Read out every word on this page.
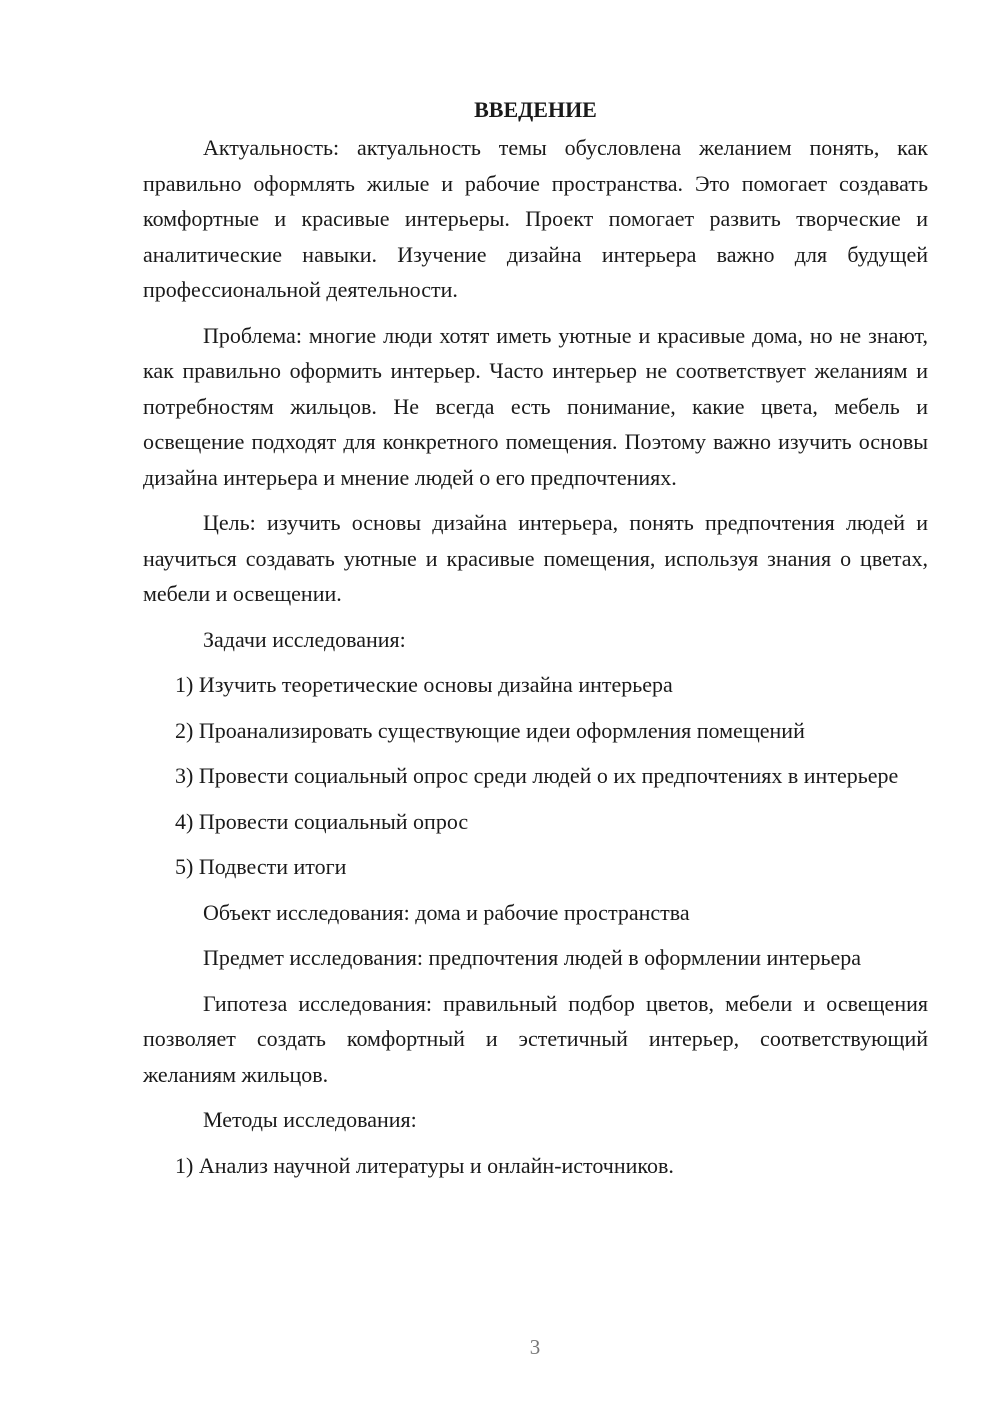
ВВЕДЕНИЕ

Актуальность: актуальность темы обусловлена желанием понять, как правильно оформлять жилые и рабочие пространства. Это помогает создавать комфортные и красивые интерьеры. Проект помогает развить творческие и аналитические навыки. Изучение дизайна интерьера важно для будущей профессиональной деятельности.

Проблема: многие люди хотят иметь уютные и красивые дома, но не знают, как правильно оформить интерьер. Часто интерьер не соответствует желаниям и потребностям жильцов. Не всегда есть понимание, какие цвета, мебель и освещение подходят для конкретного помещения. Поэтому важно изучить основы дизайна интерьера и мнение людей о его предпочтениях.

Цель: изучить основы дизайна интерьера, понять предпочтения людей и научиться создавать уютные и красивые помещения, используя знания о цветах, мебели и освещении.

Задачи исследования:

1) Изучить теоретические основы дизайна интерьера

2) Проанализировать существующие идеи оформления помещений

3) Провести социальный опрос среди людей о их предпочтениях в интерьере

4) Провести социальный опрос

5) Подвести итоги

Объект исследования: дома и рабочие пространства

Предмет исследования: предпочтения людей в оформлении интерьера

Гипотеза исследования: правильный подбор цветов, мебели и освещения позволяет создать комфортный и эстетичный интерьер, соответствующий желаниям жильцов.

Методы исследования:

1) Анализ научной литературы и онлайн-источников.

3
